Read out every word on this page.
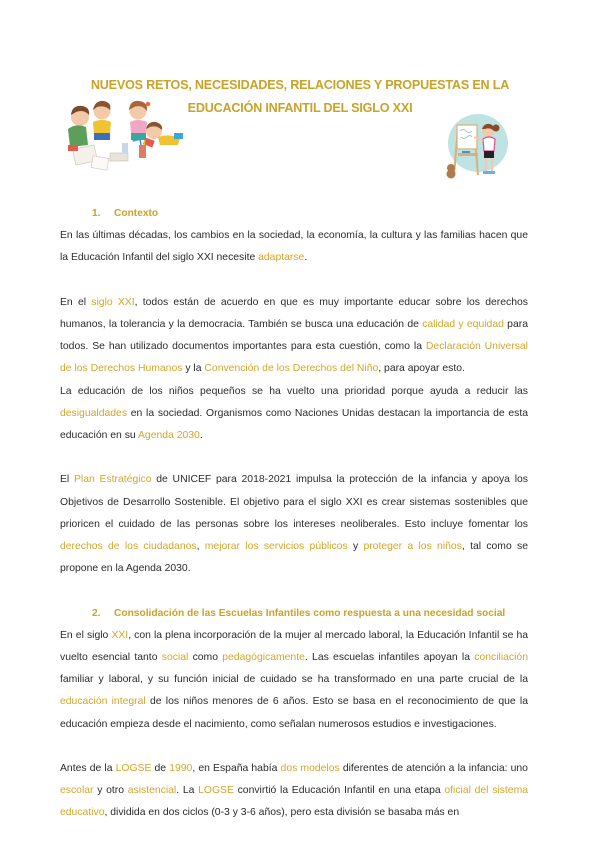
NUEVOS RETOS, NECESIDADES, RELACIONES Y PROPUESTAS EN LA
EDUCACIÓN INFANTIL DEL SIGLO XXI
1. Contexto

En las últimas décadas, los cambios en la sociedad, la economía, la cultura y las familias hacen que la Educación Infantil del siglo XXI necesite adaptarse.

En el siglo XXI, todos están de acuerdo en que es muy importante educar sobre los derechos humanos, la tolerancia y la democracia. También se busca una educación de calidad y equidad para todos. Se han utilizado documentos importantes para esta cuestión, como la Declaración Universal de los Derechos Humanos y la Convención de los Derechos del Niño, para apoyar esto.

La educación de los niños pequeños se ha vuelto una prioridad porque ayuda a reducir las desigualdades en la sociedad. Organismos como Naciones Unidas destacan la importancia de esta educación en su Agenda 2030.

El Plan Estratégico de UNICEF para 2018-2021 impulsa la protección de la infancia y apoya los Objetivos de Desarrollo Sostenible. El objetivo para el siglo XXI es crear sistemas sostenibles que prioricen el cuidado de las personas sobre los intereses neoliberales. Esto incluye fomentar los derechos de los ciudadanos, mejorar los servicios públicos y proteger a los niños, tal como se propone en la Agenda 2030.

2. Consolidación de las Escuelas Infantiles como respuesta a una necesidad social

En el siglo XXI, con la plena incorporación de la mujer al mercado laboral, la Educación Infantil se ha vuelto esencial tanto social como pedagógicamente. Las escuelas infantiles apoyan la conciliación familiar y laboral, y su función inicial de cuidado se ha transformado en una parte crucial de la educación integral de los niños menores de 6 años. Esto se basa en el reconocimiento de que la educación empieza desde el nacimiento, como señalan numerosos estudios e investigaciones.

Antes de la LOGSE de 1990, en España había dos modelos diferentes de atención a la infancia: uno escolar y otro asistencial. La LOGSE convirtió la Educación Infantil en una etapa oficial del sistema educativo, dividida en dos ciclos (0-3 y 3-6 años), pero esta división se basaba más en
